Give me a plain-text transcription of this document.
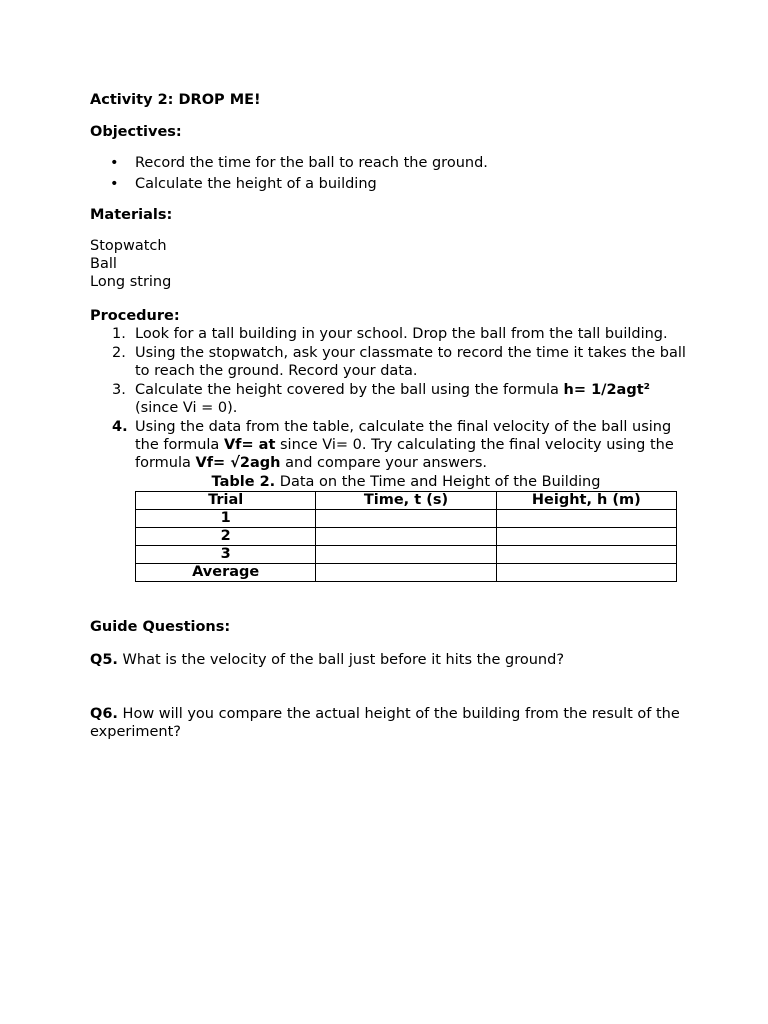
Activity 2: DROP ME!

Objectives:

• Record the time for the ball to reach the ground.
• Calculate the height of a building

Materials:

Stopwatch
Ball
Long string

Procedure:

1. Look for a tall building in your school. Drop the ball from the tall building.
2. Using the stopwatch, ask your classmate to record the time it takes the ball to reach the ground. Record your data.
3. Calculate the height covered by the ball using the formula h= 1/2agt² (since Vi = 0).
4. Using the data from the table, calculate the final velocity of the ball using the formula Vf= at since Vi= 0. Try calculating the final velocity using the formula Vf= √2agh and compare your answers.
Table 2. Data on the Time and Height of the Building
Trial	Time, t (s)	Height, h (m)
1		
2		
3		
Average		

Guide Questions:

Q5. What is the velocity of the ball just before it hits the ground?

Q6. How will you compare the actual height of the building from the result of the experiment?
